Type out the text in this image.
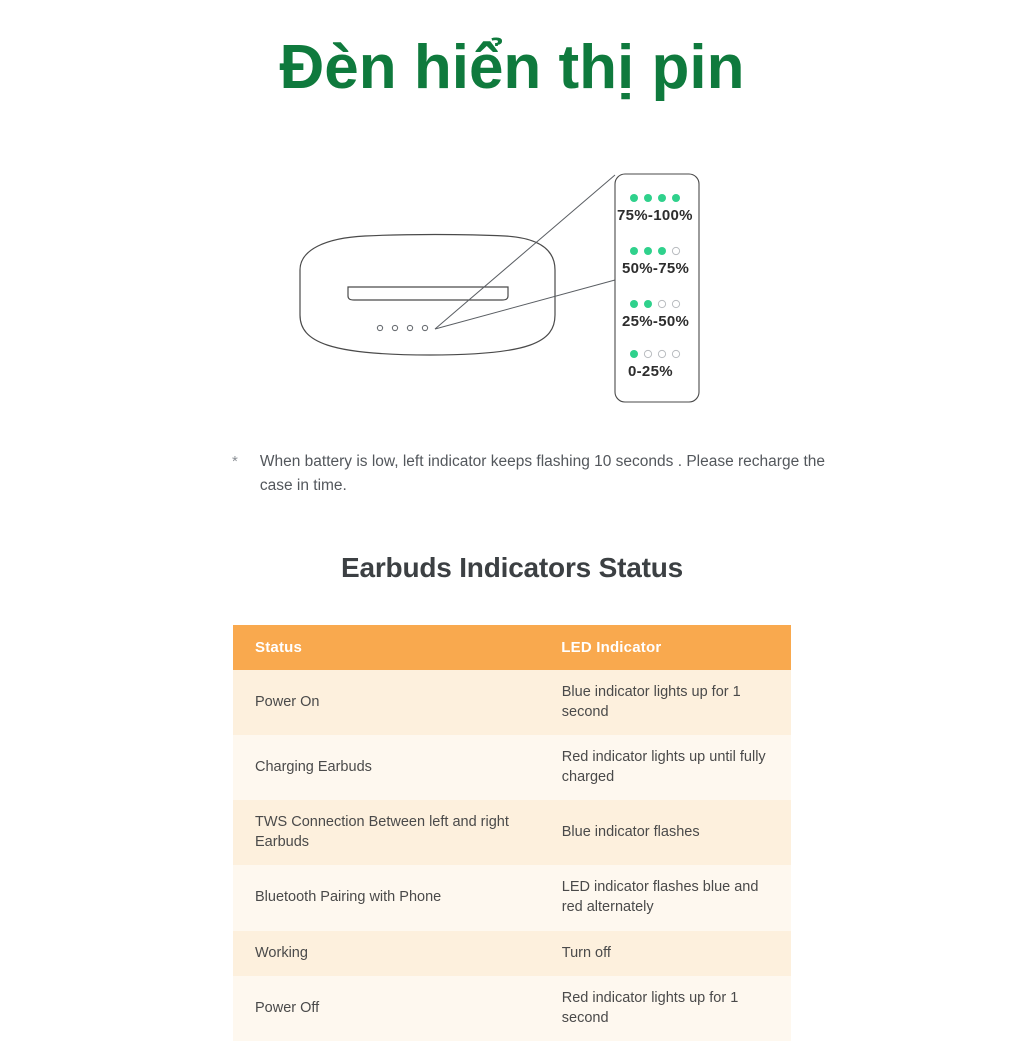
Đèn hiển thị pin
75%-100%
50%-75%
25%-50%
0-25%
* When battery is low, left indicator keeps flashing 10 seconds . Please recharge the case in time.
Earbuds Indicators Status
Status	LED Indicator
Power On	Blue indicator lights up for 1 second
Charging Earbuds	Red indicator lights up until fully charged
TWS Connection Between left and right Earbuds	Blue indicator flashes
Bluetooth Pairing with Phone	LED indicator flashes blue and red alternately
Working	Turn off
Power Off	Red indicator lights up for 1 second
